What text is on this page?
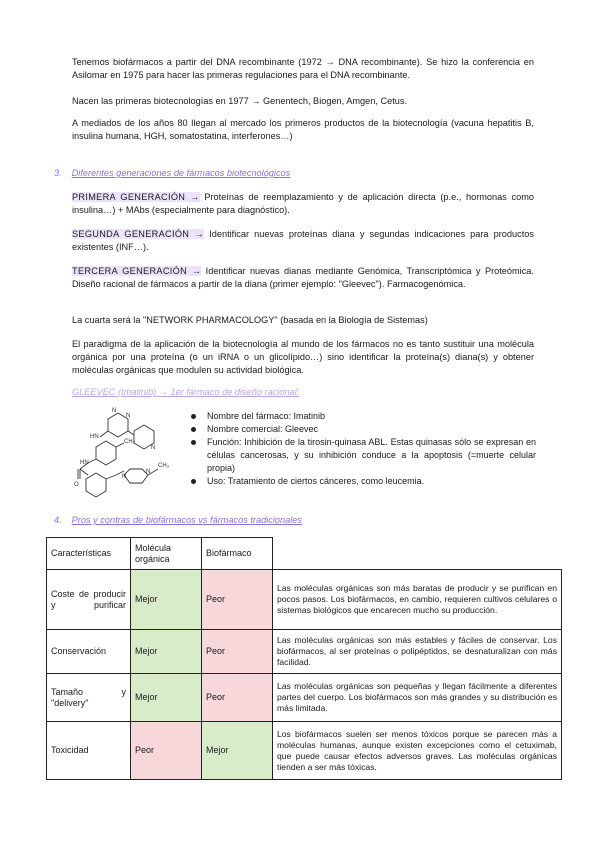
Tenemos biofármacos a partir del DNA recombinante (1972 → DNA recombinante). Se hizo la conferencia en Asilomar en 1975 para hacer las primeras regulaciones para el DNA recombinante.

Nacen las primeras biotecnologías en 1977 → Genentech, Biogen, Amgen, Cetus.

A mediados de los años 80 llegan al mercado los primeros productos de la biotecnología (vacuna hepatitis B, insulina humana, HGH, somatostatina, interferones…)

3. Diferentes generaciones de fármacos biotecnológicos

PRIMERA GENERACIÓN → Proteínas de reemplazamiento y de aplicación directa (p.e., hormonas como insulina…) + MAbs (especialmente para diagnóstico).

SEGUNDA GENERACIÓN → Identificar nuevas proteínas diana y segundas indicaciones para productos existentes (INF…).

TERCERA GENERACIÓN → Identificar nuevas dianas mediante Genómica, Transcriptómica y Proteómica. Diseño racional de fármacos a partir de la diana (primer ejemplo: "Gleevec"). Farmacogenómica.

La cuarta será la "NETWORK PHARMACOLOGY" (basada en la Biología de Sistemas)

El paradigma de la aplicación de la biotecnología al mundo de los fármacos no es tanto sustituir una molécula orgánica por una proteína (o un iRNA o un glicolípido…) sino identificar la proteína(s) diana(s) y obtener moléculas orgánicas que modulen su actividad biológica.

GLEEVEC (Imatinib) → 1er fármaco de diseño racional:

N
N
N
HN
HN
O
N
N
CH₃
CH₃
Nombre del fármaco: Imatinib
Nombre comercial: Gleevec
Función: Inhibición de la tirosin-quinasa ABL. Estas quinasas sólo se expresan en células cancerosas, y su inhibición conduce a la apoptosis (=muerte celular propia)
Uso: Tratamiento de ciertos cánceres, como leucemia.

4. Pros y contras de biofármacos vs fármacos tradicionales

Características	Molécula orgánica	Biofármaco	
Coste de producir y purificar	Mejor	Peor	Las moléculas orgánicas son más baratas de producir y se purifican en pocos pasos. Los biofármacos, en cambio, requieren cultivos celulares o sistemas biológicos que encarecen mucho su producción.
Conservación	Mejor	Peor	Las moléculas orgánicas son más estables y fáciles de conservar. Los biofármacos, al ser proteínas o polipéptidos, se desnaturalizan con más facilidad.
Tamaño y "delivery"	Mejor	Peor	Las moléculas orgánicas son pequeñas y llegan fácilmente a diferentes partes del cuerpo. Los biofármacos son más grandes y su distribución es más limitada.
Toxicidad	Peor	Mejor	Los biofármacos suelen ser menos tóxicos porque se parecen más a moléculas humanas, aunque existen excepciones como el cetuximab, que puede causar efectos adversos graves. Las moléculas orgánicas tienden a ser más tóxicas.
